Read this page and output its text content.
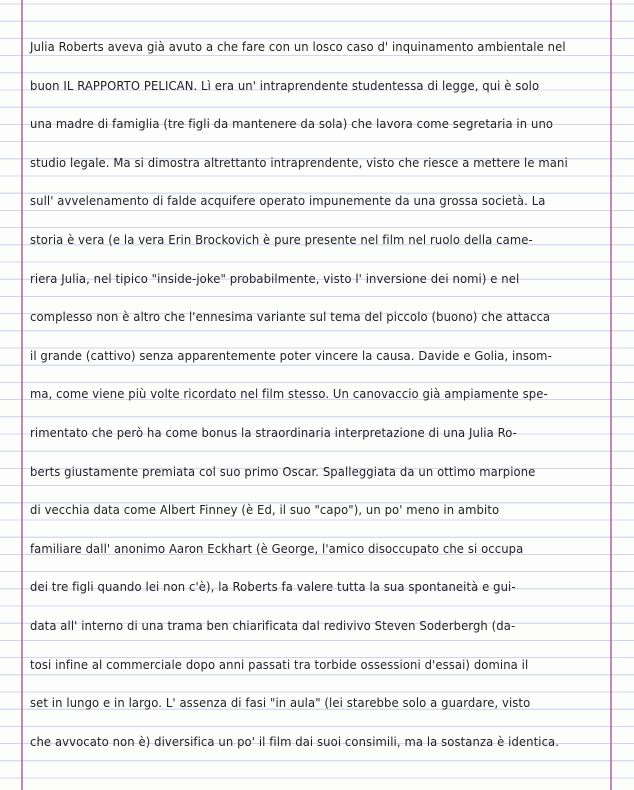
Julia Roberts aveva già avuto a che fare con un losco caso d' inquinamento ambientale nel
buon IL RAPPORTO PELICAN. Lì era un' intraprendente studentessa di legge, qui è solo
una madre di famiglia (tre figli da mantenere da sola) che lavora come segretaria in uno
studio legale. Ma si dimostra altrettanto intraprendente, visto che riesce a mettere le mani
sull' avvelenamento di falde acquifere operato impunemente da una grossa società. La
storia è vera (e la vera Erin Brockovich è pure presente nel film nel ruolo della came-
riera Julia, nel tipico "inside-joke" probabilmente, visto l' inversione dei nomi) e nel
complesso non è altro che l'ennesima variante sul tema del piccolo (buono) che attacca
il grande (cattivo) senza apparentemente poter vincere la causa. Davide e Golia, insom-
ma, come viene più volte ricordato nel film stesso. Un canovaccio già ampiamente spe-
rimentato che però ha come bonus la straordinaria interpretazione di una Julia Ro-
berts giustamente premiata col suo primo Oscar. Spalleggiata da un ottimo marpione
di vecchia data come Albert Finney (è Ed, il suo "capo"), un po' meno in ambito
familiare dall' anonimo Aaron Eckhart (è George, l'amico disoccupato che si occupa
dei tre figli quando lei non c'è), la Roberts fa valere tutta la sua spontaneità e gui-
data all' interno di una trama ben chiarificata dal redivivo Steven Soderbergh (da-
tosi infine al commerciale dopo anni passati tra torbide ossessioni d'essai) domina il
set in lungo e in largo. L' assenza di fasi "in aula" (lei starebbe solo a guardare, visto
che avvocato non è) diversifica un po' il film dai suoi consimili, ma la sostanza è identica.
